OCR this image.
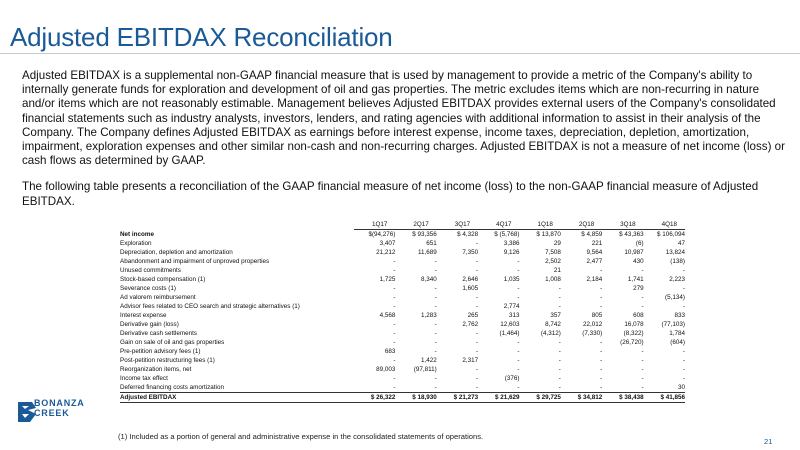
Adjusted EBITDAX Reconciliation

Adjusted EBITDAX is a supplemental non-GAAP financial measure that is used by management to provide a metric of the Company's ability to internally generate funds for exploration and development of oil and gas properties. The metric excludes items which are non-recurring in nature and/or items which are not reasonably estimable. Management believes Adjusted EBITDAX provides external users of the Company's consolidated financial statements such as industry analysts, investors, lenders, and rating agencies with additional information to assist in their analysis of the Company. The Company defines Adjusted EBITDAX as earnings before interest expense, income taxes, depreciation, depletion, amortization, impairment, exploration expenses and other similar non-cash and non-recurring charges. Adjusted EBITDAX is not a measure of net income (loss) or cash flows as determined by GAAP.

The following table presents a reconciliation of the GAAP financial measure of net income (loss) to the non-GAAP financial measure of Adjusted EBITDAX.

	1Q17	2Q17	3Q17	4Q17	1Q18	2Q18	3Q18	4Q18
Net income	$(94,276)	$ 93,356	$ 4,328	$ (5,768)	$ 13,870	$ 4,859	$ 43,363	$ 106,094
Exploration	3,407	651	-	3,386	29	221	(6)	47
Depreciation, depletion and amortization	21,212	11,689	7,350	9,126	7,508	9,564	10,987	13,824
Abandonment and impairment of unproved properties	-	-	-	-	2,502	2,477	430	(138)
Unused commitments	-	-	-	-	21	-	-	-
Stock-based compensation (1)	1,725	8,340	2,646	1,035	1,008	2,184	1,741	2,223
Severance costs (1)	-	-	1,605	-	-	-	279	-
Ad valorem reimbursement	-	-	-	-	-	-	-	(5,134)
Advisor fees related to CEO search and strategic alternatives (1)	-	-	-	2,774	-	-	-	-
Interest expense	4,568	1,283	265	313	357	805	608	833
Derivative gain (loss)	-	-	2,762	12,603	8,742	22,012	16,078	(77,103)
Derivative cash settlements	-	-	-	(1,464)	(4,312)	(7,330)	(8,322)	1,784
Gain on sale of oil and gas properties	-	-	-	-	-	-	(26,720)	(604)
Pre-petition advisory fees (1)	683	-	-	-	-	-	-	-
Post-petition restructuring fees (1)	-	1,422	2,317	-	-	-	-	-
Reorganization items, net	89,003	(97,811)	-	-	-	-	-	-
Income tax effect	-	-	-	(376)	-	-	-	-
Deferred financing costs amortization	-	-	-	-	-	-	-	30
Adjusted EBITDAX	$ 26,322	$ 18,930	$ 21,273	$ 21,629	$ 29,725	$ 34,812	$ 38,438	$ 41,856
BONANZA
CREEK
(1) Included as a portion of general and administrative expense in the consolidated statements of operations.
21
